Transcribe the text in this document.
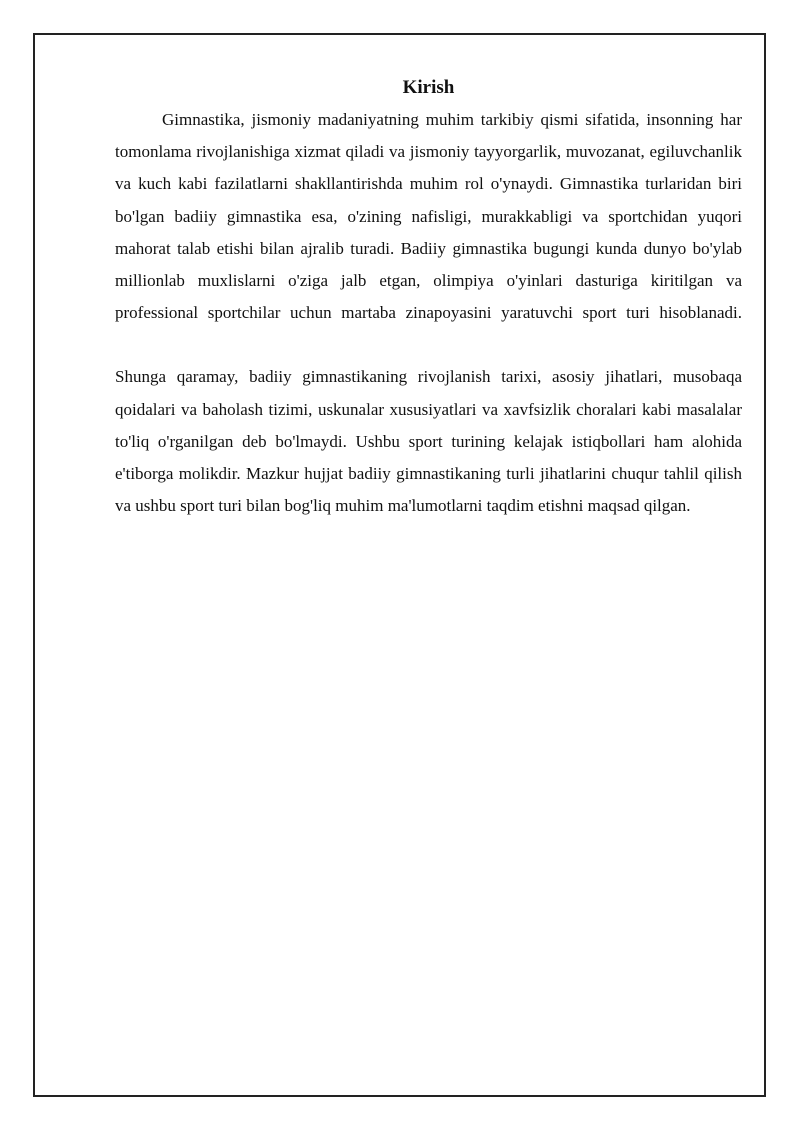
Kirish

Gimnastika, jismoniy madaniyatning muhim tarkibiy qismi sifatida, insonning har tomonlama rivojlanishiga xizmat qiladi va jismoniy tayyorgarlik, muvozanat, egiluvchanlik va kuch kabi fazilatlarni shakllantirishda muhim rol o'ynaydi. Gimnastika turlaridan biri bo'lgan badiiy gimnastika esa, o'zining nafisligi, murakkabligi va sportchidan yuqori mahorat talab etishi bilan ajralib turadi. Badiiy gimnastika bugungi kunda dunyo bo'ylab millionlab muxlislarni o'ziga jalb etgan, olimpiya o'yinlari dasturiga kiritilgan va professional sportchilar uchun martaba zinapoyasini yaratuvchi sport turi hisoblanadi.

Shunga qaramay, badiiy gimnastikaning rivojlanish tarixi, asosiy jihatlari, musobaqa qoidalari va baholash tizimi, uskunalar xususiyatlari va xavfsizlik choralari kabi masalalar to'liq o'rganilgan deb bo'lmaydi. Ushbu sport turining kelajak istiqbollari ham alohida e'tiborga molikdir. Mazkur hujjat badiiy gimnastikaning turli jihatlarini chuqur tahlil qilish va ushbu sport turi bilan bog'liq muhim ma'lumotlarni taqdim etishni maqsad qilgan.
